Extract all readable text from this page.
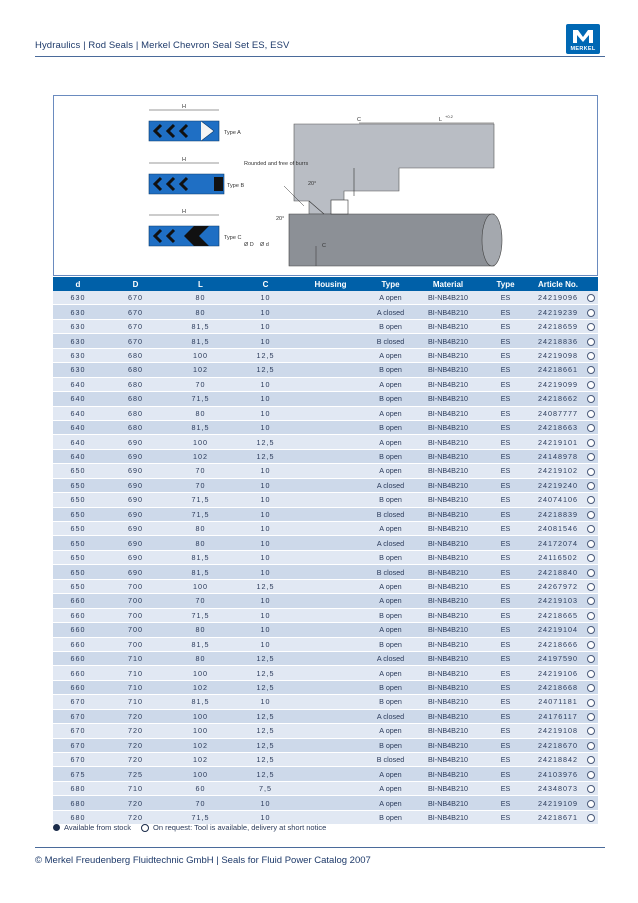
Hydraulics | Rod Seals | Merkel Chevron Seal Set ES, ESV	MERKEL
H
H
H
Type A
Type B
Type C
Rounded and free of burrs
20°
20°
C	L
+0.2
C
Ø D Ø d
d	D	L	C	Housing	Type	Material	Type	Article No.	
630	670	80	10		A open	BI-NB4B210	ES	24219096	
630	670	80	10		A closed	BI-NB4B210	ES	24219239	
630	670	81,5	10		B open	BI-NB4B210	ES	24218659	
630	670	81,5	10		B closed	BI-NB4B210	ES	24218836	
630	680	100	12,5		A open	BI-NB4B210	ES	24219098	
630	680	102	12,5		B open	BI-NB4B210	ES	24218661	
640	680	70	10		A open	BI-NB4B210	ES	24219099	
640	680	71,5	10		B open	BI-NB4B210	ES	24218662	
640	680	80	10		A open	BI-NB4B210	ES	24087777	
640	680	81,5	10		B open	BI-NB4B210	ES	24218663	
640	690	100	12,5		A open	BI-NB4B210	ES	24219101	
640	690	102	12,5		B open	BI-NB4B210	ES	24148978	
650	690	70	10		A open	BI-NB4B210	ES	24219102	
650	690	70	10		A closed	BI-NB4B210	ES	24219240	
650	690	71,5	10		B open	BI-NB4B210	ES	24074106	
650	690	71,5	10		B closed	BI-NB4B210	ES	24218839	
650	690	80	10		A open	BI-NB4B210	ES	24081546	
650	690	80	10		A closed	BI-NB4B210	ES	24172074	
650	690	81,5	10		B open	BI-NB4B210	ES	24116502	
650	690	81,5	10		B closed	BI-NB4B210	ES	24218840	
650	700	100	12,5		A open	BI-NB4B210	ES	24267972	
660	700	70	10		A open	BI-NB4B210	ES	24219103	
660	700	71,5	10		B open	BI-NB4B210	ES	24218665	
660	700	80	10		A open	BI-NB4B210	ES	24219104	
660	700	81,5	10		B open	BI-NB4B210	ES	24218666	
660	710	80	12,5		A closed	BI-NB4B210	ES	24197590	
660	710	100	12,5		A open	BI-NB4B210	ES	24219106	
660	710	102	12,5		B open	BI-NB4B210	ES	24218668	
670	710	81,5	10		B open	BI-NB4B210	ES	24071181	
670	720	100	12,5		A closed	BI-NB4B210	ES	24176117	
670	720	100	12,5		A open	BI-NB4B210	ES	24219108	
670	720	102	12,5		B open	BI-NB4B210	ES	24218670	
670	720	102	12,5		B closed	BI-NB4B210	ES	24218842	
675	725	100	12,5		A open	BI-NB4B210	ES	24103976	
680	710	60	7,5		A open	BI-NB4B210	ES	24348073	
680	720	70	10		A open	BI-NB4B210	ES	24219109	
680	720	71,5	10		B open	BI-NB4B210	ES	24218671	
Available from stock	On request: Tool is available, delivery at short notice
© Merkel Freudenberg Fluidtechnic GmbH | Seals for Fluid Power Catalog 2007
